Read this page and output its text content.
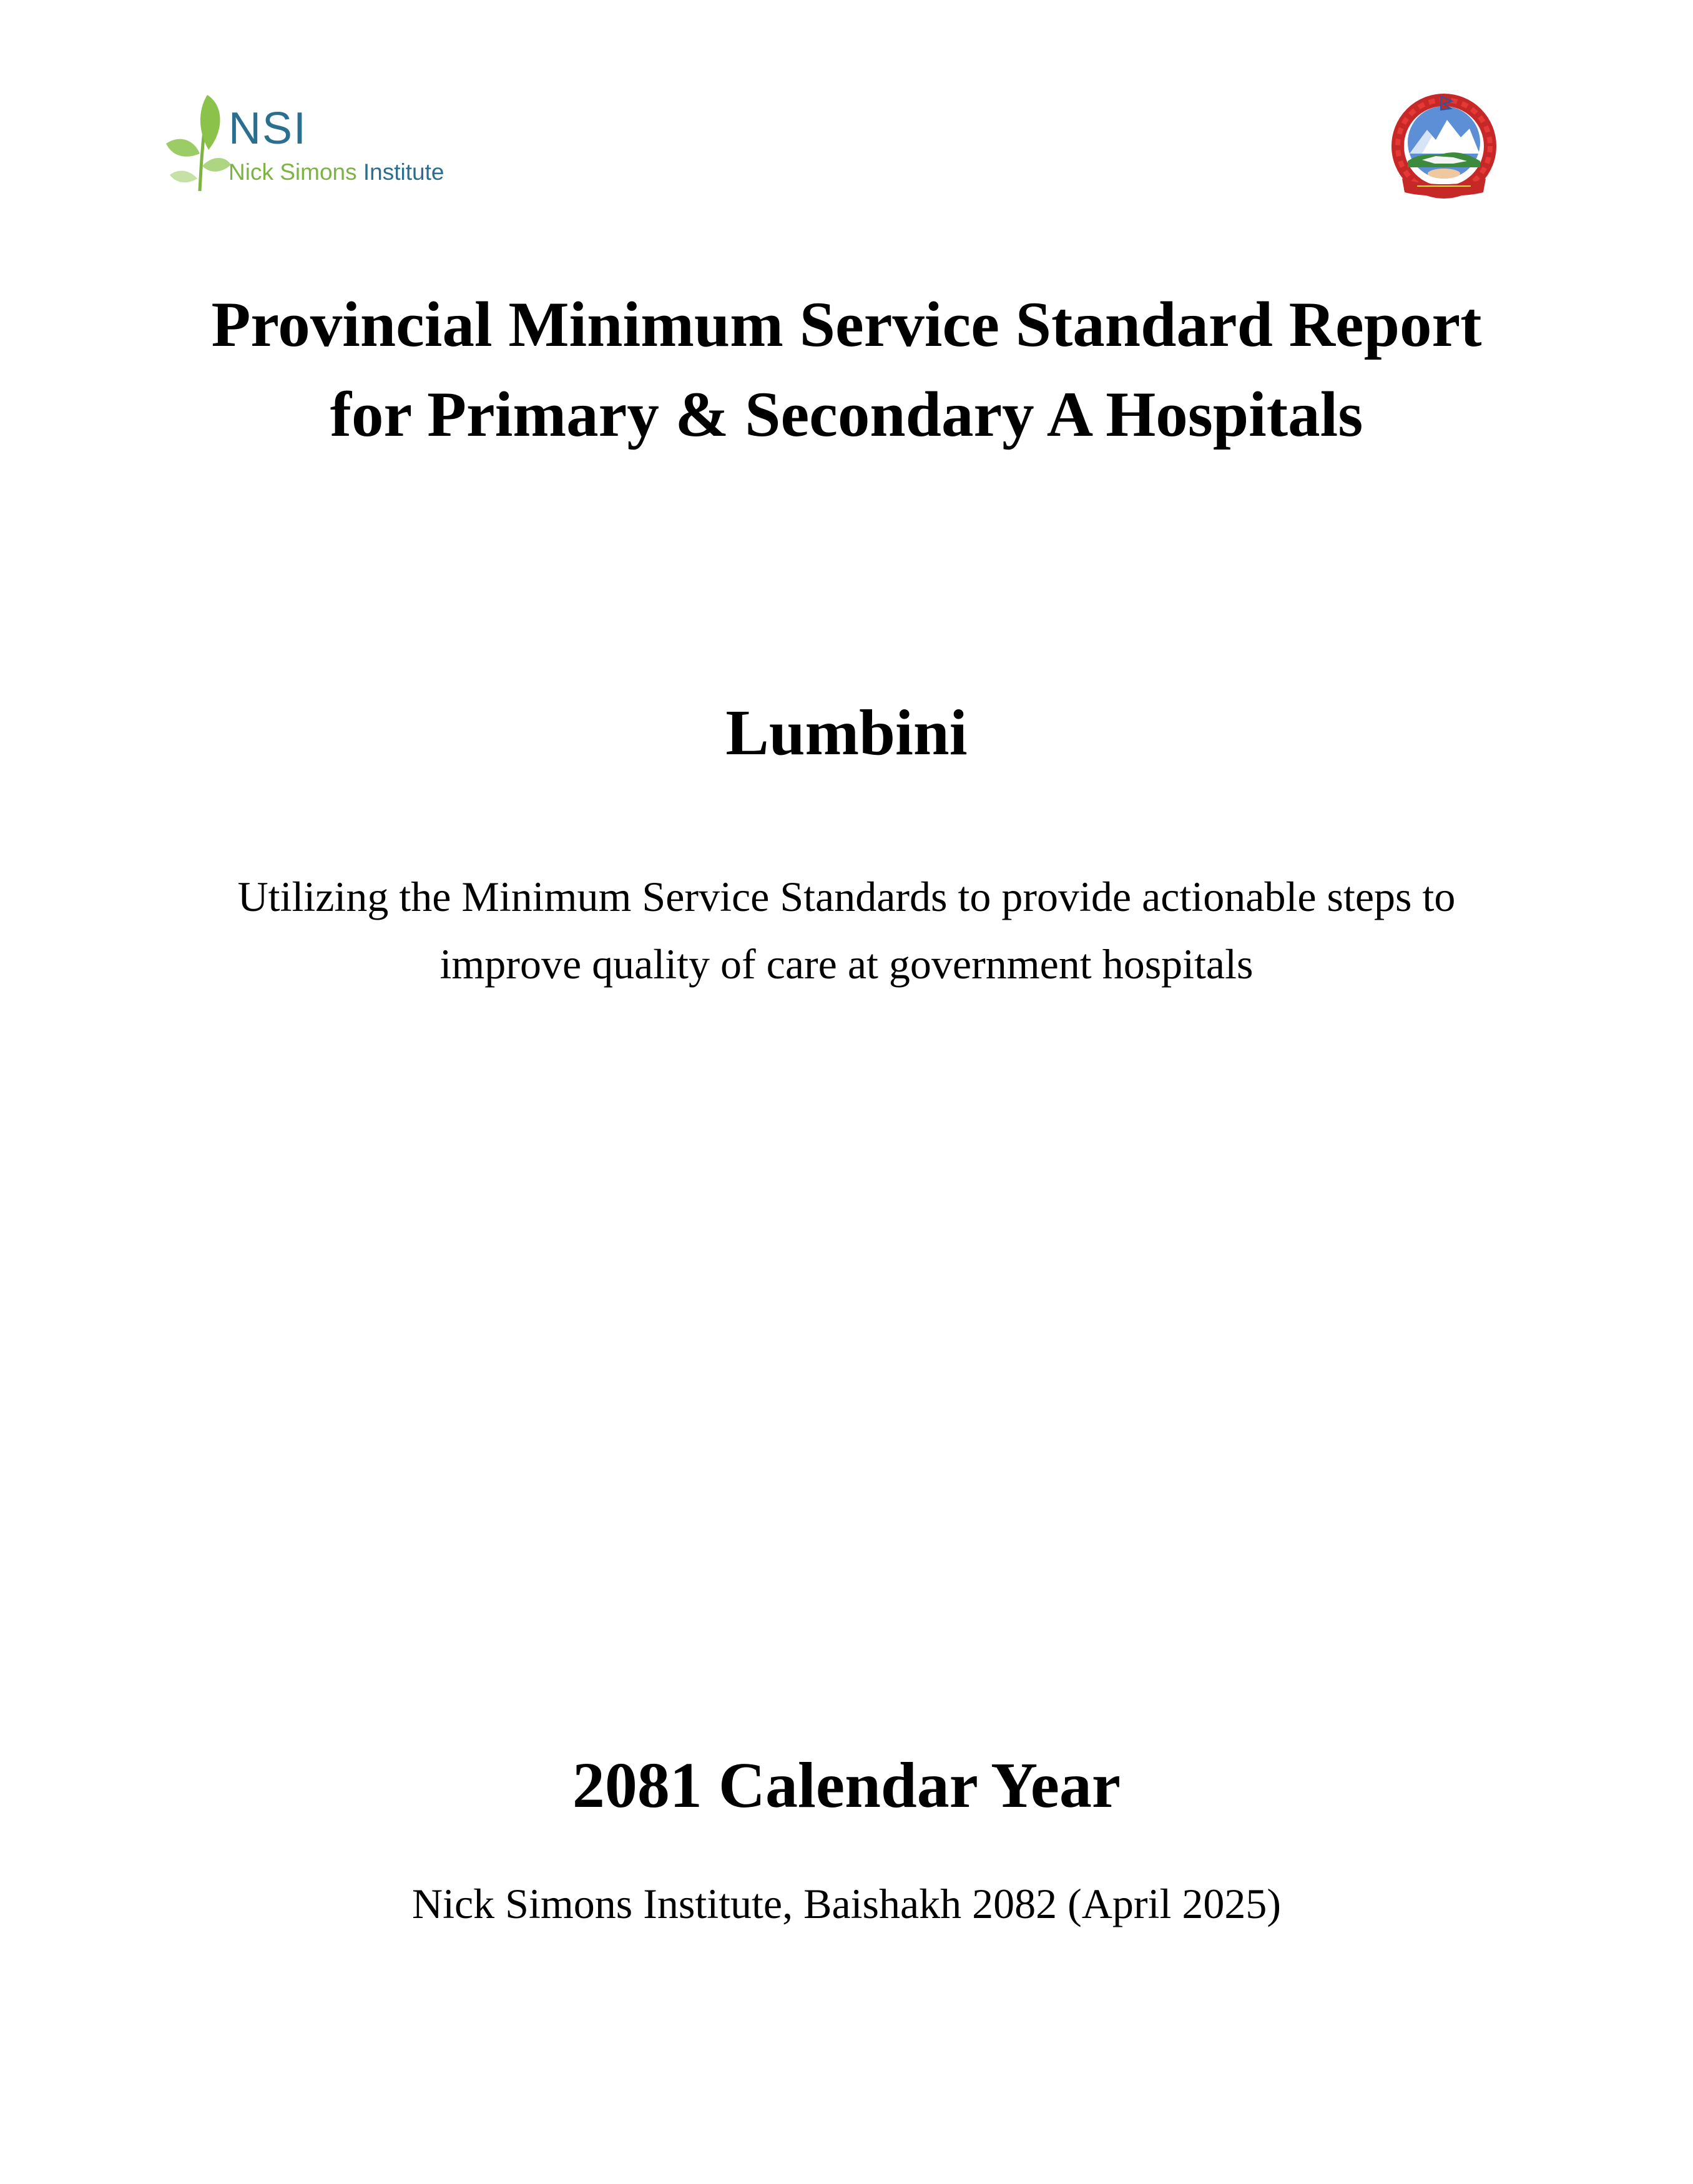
NSI
Nick Simons Institute

Provincial Minimum Service Standard Report

for Primary & Secondary A Hospitals

Lumbini

Utilizing the Minimum Service Standards to provide actionable steps to
improve quality of care at government hospitals

2081 Calendar Year

Nick Simons Institute, Baishakh 2082 (April 2025)
